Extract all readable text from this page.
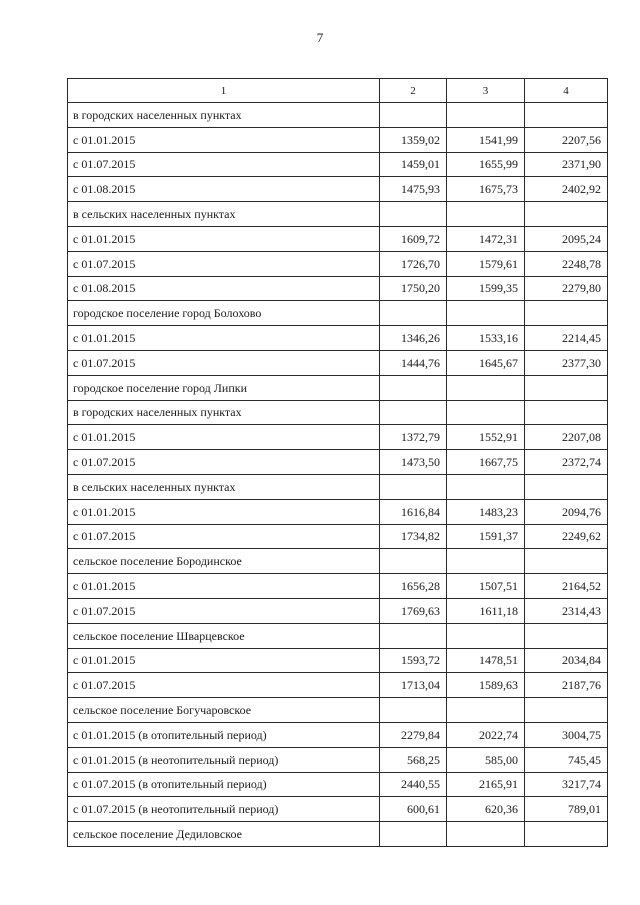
7
1	2	3	4
в городских населенных пунктах			
с 01.01.2015	1359,02	1541,99	2207,56
с 01.07.2015	1459,01	1655,99	2371,90
с 01.08.2015	1475,93	1675,73	2402,92
в сельских населенных пунктах			
с 01.01.2015	1609,72	1472,31	2095,24
с 01.07.2015	1726,70	1579,61	2248,78
с 01.08.2015	1750,20	1599,35	2279,80
городское поселение город Болохово			
с 01.01.2015	1346,26	1533,16	2214,45
с 01.07.2015	1444,76	1645,67	2377,30
городское поселение город Липки			
в городских населенных пунктах			
с 01.01.2015	1372,79	1552,91	2207,08
с 01.07.2015	1473,50	1667,75	2372,74
в сельских населенных пунктах			
с 01.01.2015	1616,84	1483,23	2094,76
с 01.07.2015	1734,82	1591,37	2249,62
сельское поселение Бородинское			
с 01.01.2015	1656,28	1507,51	2164,52
с 01.07.2015	1769,63	1611,18	2314,43
сельское поселение Шварцевское			
с 01.01.2015	1593,72	1478,51	2034,84
с 01.07.2015	1713,04	1589,63	2187,76
сельское поселение Богучаровское			
с 01.01.2015 (в отопительный период)	2279,84	2022,74	3004,75
с 01.01.2015 (в неотопительный период)	568,25	585,00	745,45
с 01.07.2015 (в отопительный период)	2440,55	2165,91	3217,74
с 01.07.2015 (в неотопительный период)	600,61	620,36	789,01
сельское поселение Дедиловское			
